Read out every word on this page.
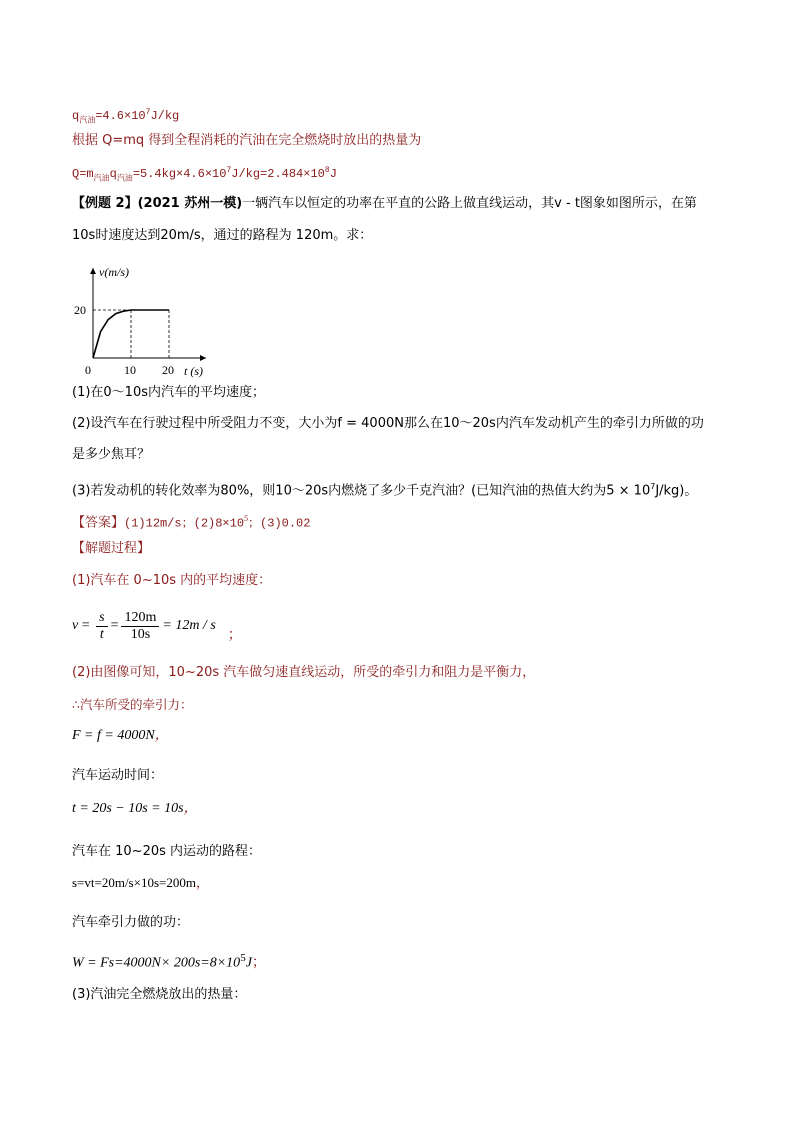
$q_{汽油}=4.6\times 10^7J/kg$
根据 Q=mq 得到全程消耗的汽油在完全燃烧时放出的热量为
$Q=m_{汽油}q_{汽油}=5.4kg\times 4.6\times 10^7J/kg=2.484\times 10^8J$
【例题 2】(2021 苏州一模)一辆汽车以恒定的功率在平直的公路上做直线运动，其v - t图象如图所示，在第
10s时速度达到20m/s，通过的路程为 120m。求：
v(m/s)
t (s)
0	10 20
20
(1)在0～10s内汽车的平均速度；
(2)设汽车在行驶过程中所受阻力不变，大小为f = 4000N那么在10～20s内汽车发动机产生的牵引力所做的功
是多少焦耳？
(3)若发动机的转化效率为80%，则10～20s内燃烧了多少千克汽油？(已知汽油的热值大约为$5 \times 10^7J/kg$)。
【答案】(1)12m/s；$(2)8\times 10^5$；(3)0.02
【解题过程】
(1)汽车在 0~10s 内的平均速度：
$v = \frac{s}{t} = \frac{120m}{10s} = 12m / s$
；
(2)由图像可知，10~20s 汽车做匀速直线运动，所受的牵引力和阻力是平衡力，
∴汽车所受的牵引力：
F = f = 4000N，
汽车运动时间：
t = 20s − 10s = 10s，
汽车在 10~20s 内运动的路程：
s=vt=20m/s×10s=200m，
汽车牵引力做的功：
$W = Fs=4000N\times 200s=8\times 10^5J$；
(3)汽油完全燃烧放出的热量：
